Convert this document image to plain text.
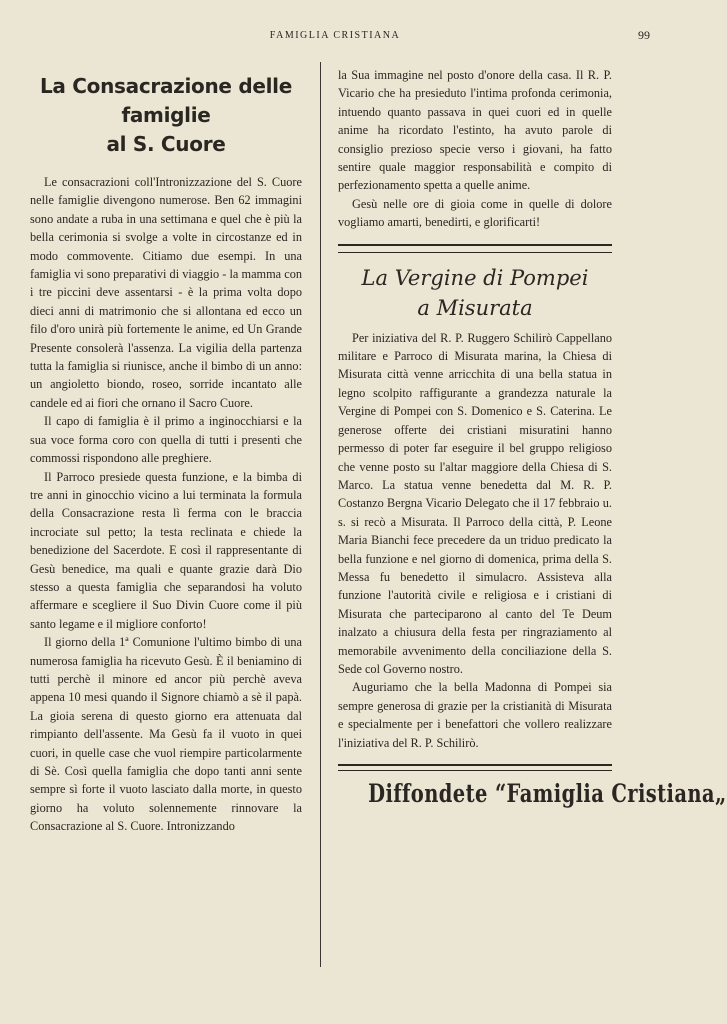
FAMIGLIA CRISTIANA	99
La Consacrazione delle famiglie
al S. Cuore

Le consacrazioni coll'Intronizzazione del S. Cuore nelle famiglie divengono numerose. Ben 62 immagini sono andate a ruba in una settimana e quel che è più la bella cerimonia si svolge a volte in circostanze ed in modo commovente. Citiamo due esempi. In una famiglia vi sono preparativi di viaggio - la mamma con i tre piccini deve assentarsi - è la prima volta dopo dieci anni di matrimonio che si allontana ed ecco un filo d'oro unirà più fortemente le anime, ed Un Grande Presente consolerà l'assenza. La vigilia della partenza tutta la famiglia si riunisce, anche il bimbo di un anno: un angioletto biondo, roseo, sorride incantato alle candele ed ai fiori che ornano il Sacro Cuore.

Il capo di famiglia è il primo a inginocchiarsi e la sua voce forma coro con quella di tutti i presenti che commossi rispondono alle preghiere.

Il Parroco presiede questa funzione, e la bimba di tre anni in ginocchio vicino a lui terminata la formula della Consacrazione resta lì ferma con le braccia incrociate sul petto; la testa reclinata e chiede la benedizione del Sacerdote. E così il rappresentante di Gesù benedice, ma quali e quante grazie darà Dio stesso a questa famiglia che separandosi ha voluto affermare e scegliere il Suo Divin Cuore come il più santo legame e il migliore conforto!

Il giorno della 1ª Comunione l'ultimo bimbo di una numerosa famiglia ha ricevuto Gesù. È il beniamino di tutti perchè il minore ed ancor più perchè aveva appena 10 mesi quando il Signore chiamò a sè il papà. La gioia serena di questo giorno era attenuata dal rimpianto dell'assente. Ma Gesù fa il vuoto in quei cuori, in quelle case che vuol riempire particolarmente di Sè. Così quella famiglia che dopo tanti anni sente sempre sì forte il vuoto lasciato dalla morte, in questo giorno ha voluto solennemente rinnovare la Consacrazione al S. Cuore. Intronizzando

la Sua immagine nel posto d'onore della casa. Il R. P. Vicario che ha presieduto l'intima profonda cerimonia, intuendo quanto passava in quei cuori ed in quelle anime ha ricordato l'estinto, ha avuto parole di consiglio prezioso specie verso i giovani, ha fatto sentire quale maggior responsabilità e compito di perfezionamento spetta a quelle anime.

Gesù nelle ore di gioia come in quelle di dolore vogliamo amarti, benedirti, e glorificarti!

La Vergine di Pompei
a Misurata

Per iniziativa del R. P. Ruggero Schilirò Cappellano militare e Parroco di Misurata marina, la Chiesa di Misurata città venne arricchita di una bella statua in legno scolpito raffigurante a grandezza naturale la Vergine di Pompei con S. Domenico e S. Caterina. Le generose offerte dei cristiani misuratini hanno permesso di poter far eseguire il bel gruppo religioso che venne posto su l'altar maggiore della Chiesa di S. Marco. La statua venne benedetta dal M. R. P. Costanzo Bergna Vicario Delegato che il 17 febbraio u. s. si recò a Misurata. Il Parroco della città, P. Leone Maria Bianchi fece precedere da un triduo predicato la bella funzione e nel giorno di domenica, prima della S. Messa fu benedetto il simulacro. Assisteva alla funzione l'autorità civile e religiosa e i cristiani di Misurata che parteciparono al canto del Te Deum inalzato a chiusura della festa per ringraziamento al memorabile avvenimento della conciliazione della S. Sede col Governo nostro.

Auguriamo che la bella Madonna di Pompei sia sempre generosa di grazie per la cristianità di Misurata e specialmente per i benefattori che vollero realizzare l'iniziativa del R. P. Schilirò.

Diffondete “Famiglia Cristiana„
